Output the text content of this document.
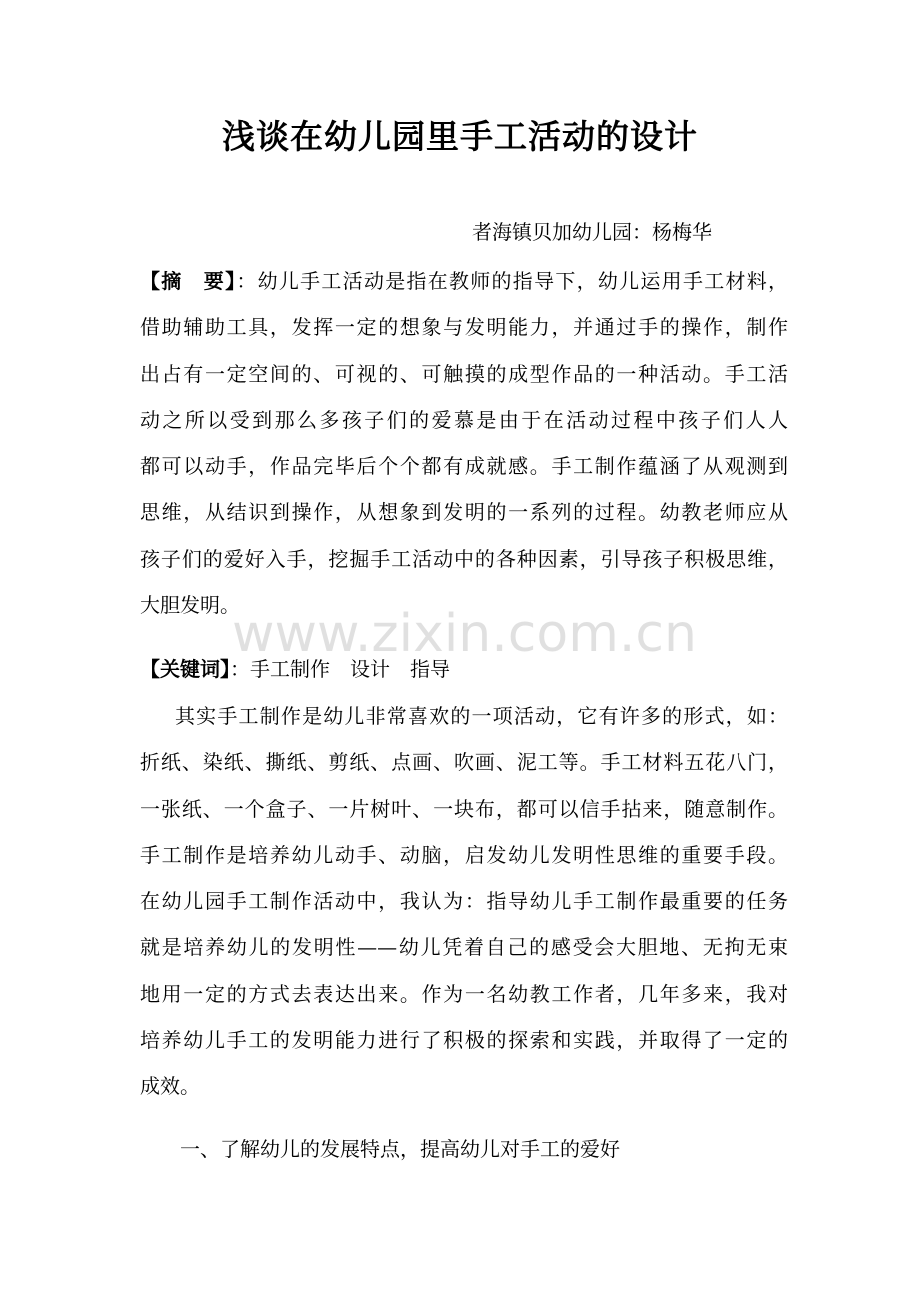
浅谈在幼儿园里手工活动的设计
者海镇贝加幼儿园：杨梅华
【摘　要】：幼儿手工活动是指在教师的指导下，幼儿运用手工材料，
借助辅助工具，发挥一定的想象与发明能力，并通过手的操作，制作
出占有一定空间的、可视的、可触摸的成型作品的一种活动。手工活
动之所以受到那么多孩子们的爱慕是由于在活动过程中孩子们人人
都可以动手，作品完毕后个个都有成就感。手工制作蕴涵了从观测到
思维，从结识到操作，从想象到发明的一系列的过程。幼教老师应从
孩子们的爱好入手，挖掘手工活动中的各种因素，引导孩子积极思维，
大胆发明。
www.zixin.com.cn
【关键词】：手工制作　设计　指导
其实手工制作是幼儿非常喜欢的一项活动，它有许多的形式，如：
折纸、染纸、撕纸、剪纸、点画、吹画、泥工等。手工材料五花八门，
一张纸、一个盒子、一片树叶、一块布，都可以信手拈来，随意制作。
手工制作是培养幼儿动手、动脑，启发幼儿发明性思维的重要手段。
在幼儿园手工制作活动中，我认为：指导幼儿手工制作最重要的任务
就是培养幼儿的发明性——幼儿凭着自己的感受会大胆地、无拘无束
地用一定的方式去表达出来。作为一名幼教工作者，几年多来，我对
培养幼儿手工的发明能力进行了积极的探索和实践，并取得了一定的
成效。
一、了解幼儿的发展特点，提高幼儿对手工的爱好
